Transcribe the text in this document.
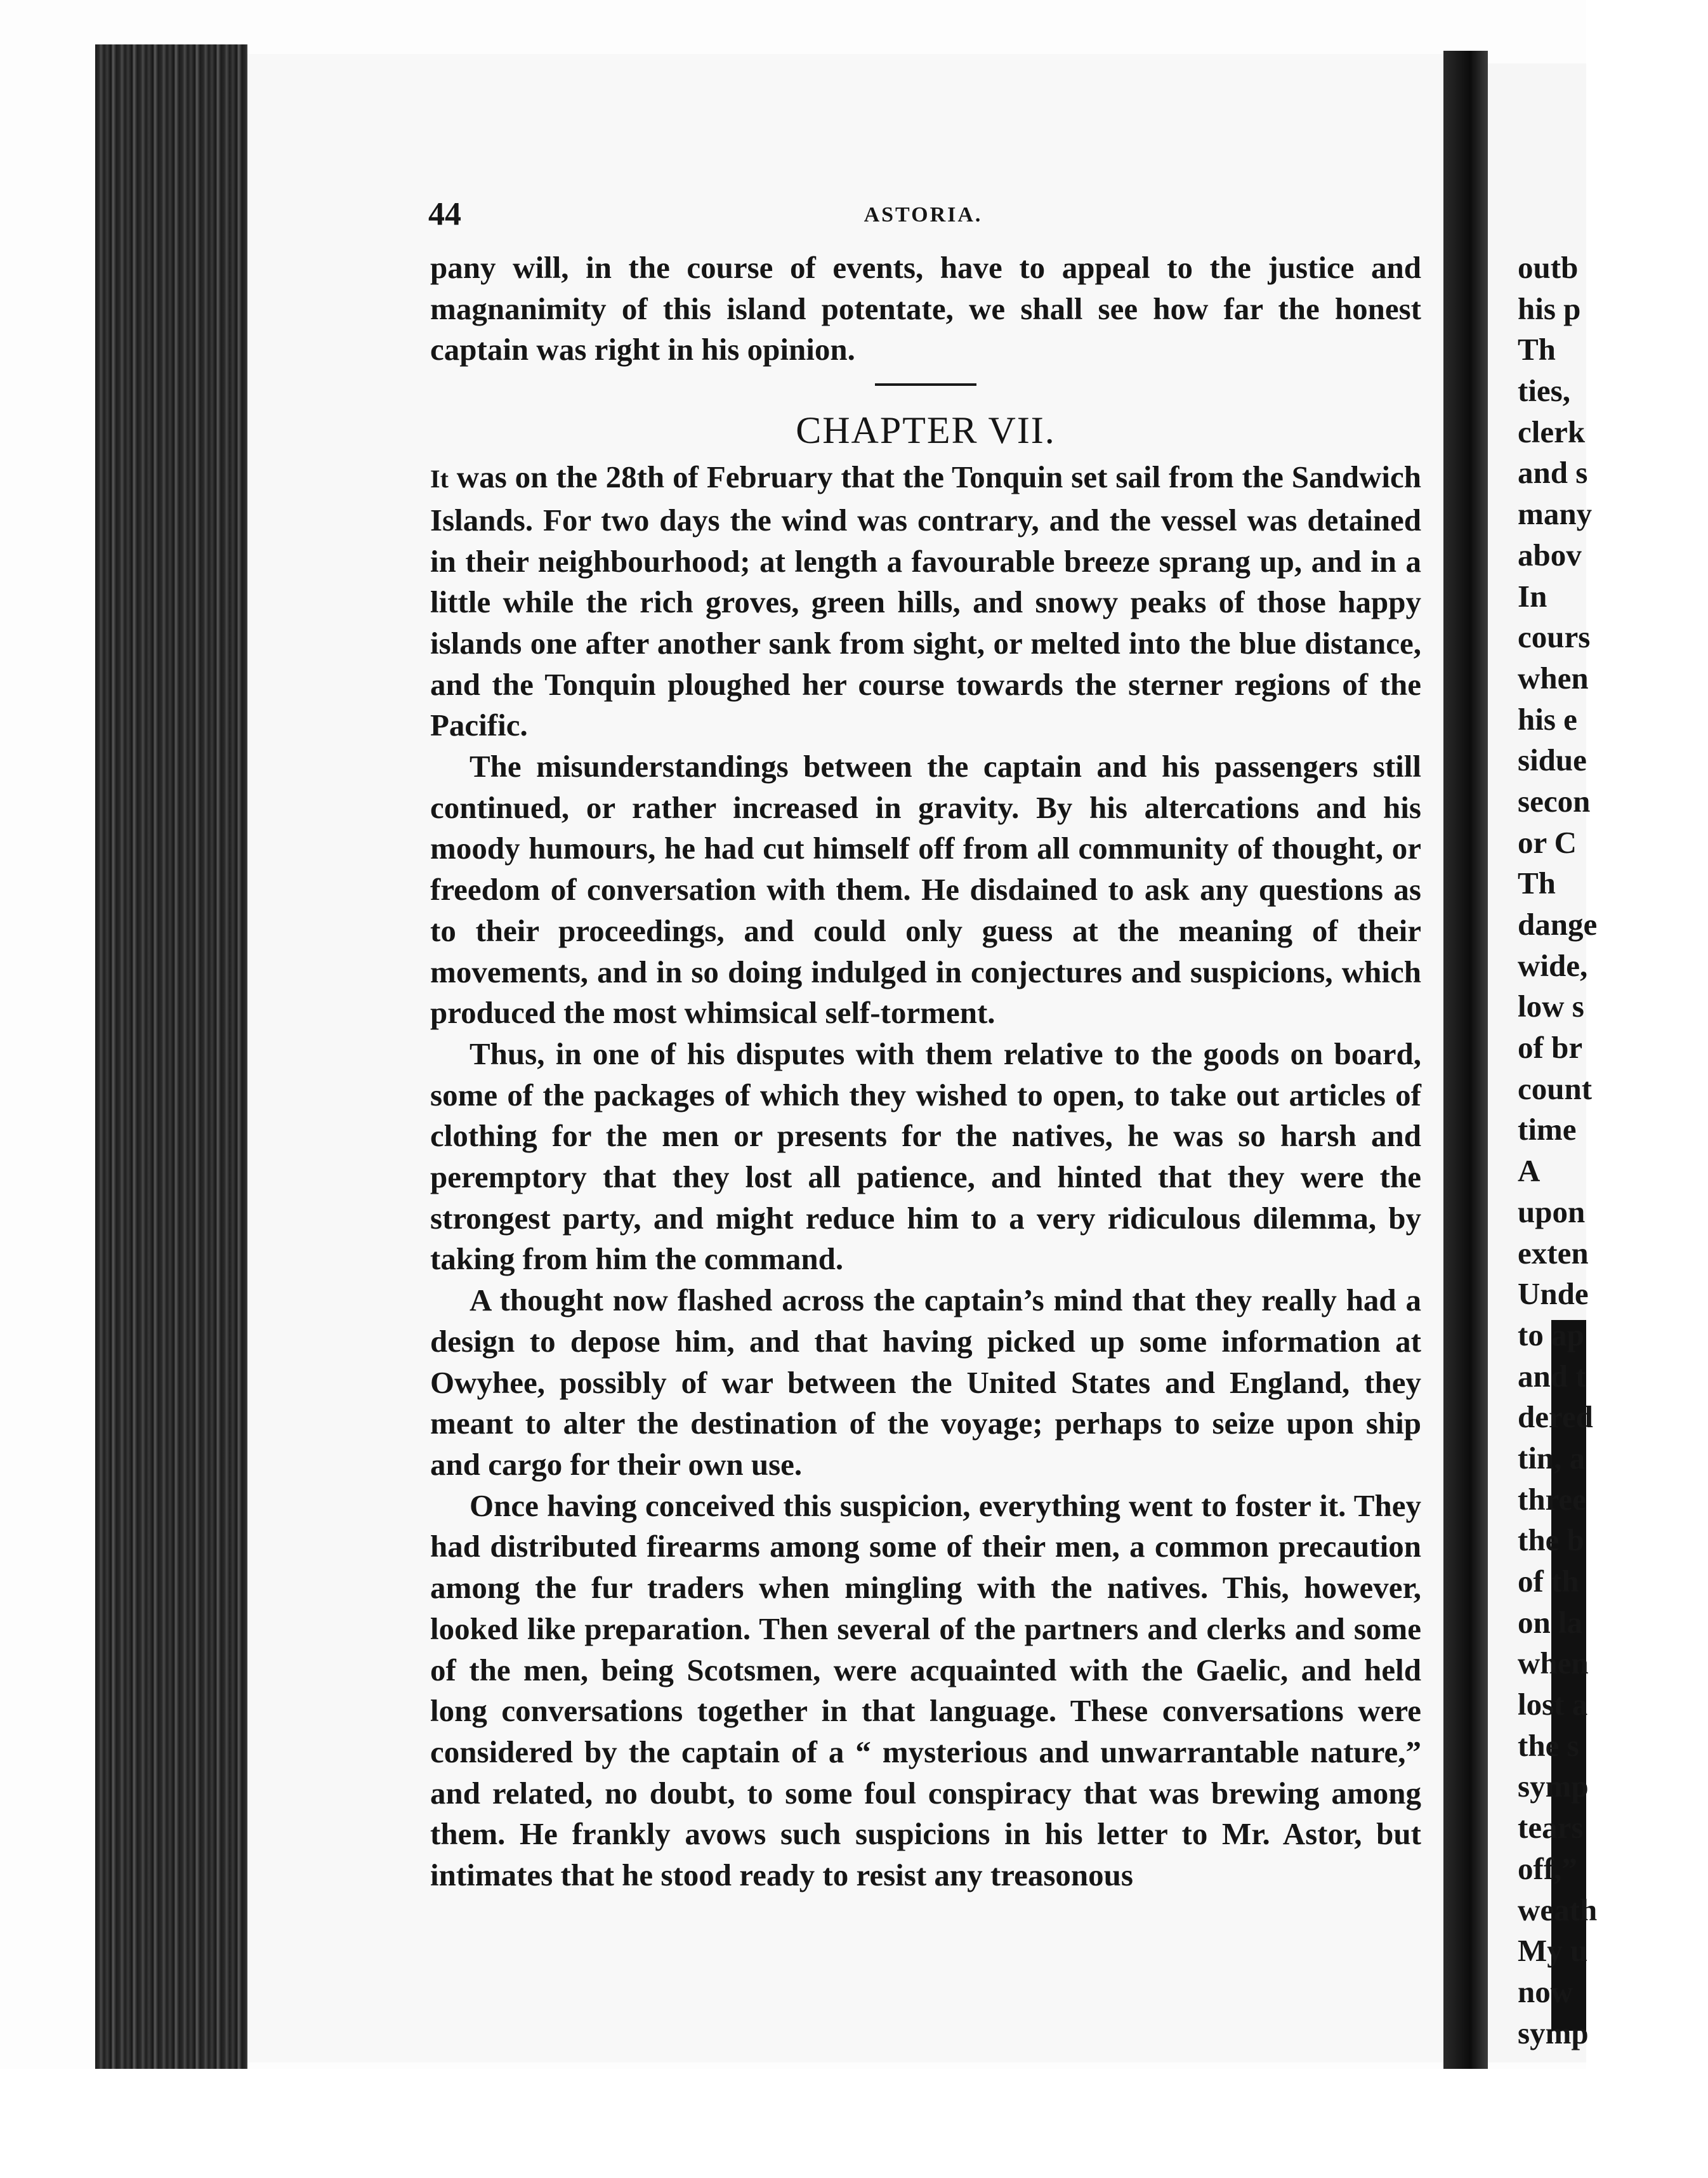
44	ASTORIA.

pany will, in the course of events, have to appeal to the justice and magnanimity of this island potentate, we shall see how far the honest captain was right in his opinion.

CHAPTER VII.

It was on the 28th of February that the Tonquin set sail from the Sandwich Islands. For two days the wind was contrary, and the vessel was detained in their neighbourhood; at length a favourable breeze sprang up, and in a little while the rich groves, green hills, and snowy peaks of those happy islands one after another sank from sight, or melted into the blue distance, and the Tonquin ploughed her course towards the sterner regions of the Pacific.

The misunderstandings between the captain and his passengers still continued, or rather increased in gravity. By his altercations and his moody humours, he had cut himself off from all community of thought, or freedom of conversation with them. He disdained to ask any questions as to their proceedings, and could only guess at the meaning of their movements, and in so doing indulged in conjectures and suspicions, which produced the most whimsical self-torment.

Thus, in one of his disputes with them relative to the goods on board, some of the packages of which they wished to open, to take out articles of clothing for the men or presents for the natives, he was so harsh and peremptory that they lost all patience, and hinted that they were the strongest party, and might reduce him to a very ridiculous dilemma, by taking from him the command.

A thought now flashed across the captain’s mind that they really had a design to depose him, and that having picked up some information at Owyhee, possibly of war between the United States and England, they meant to alter the destination of the voyage; perhaps to seize upon ship and cargo for their own use.

Once having conceived this suspicion, everything went to foster it. They had distributed firearms among some of their men, a common precaution among the fur traders when mingling with the natives. This, however, looked like preparation. Then several of the partners and clerks and some of the men, being Scotsmen, were acquainted with the Gaelic, and held long conversations together in that language. These conversations were considered by the captain of a “ mysterious and unwarrantable nature,” and related, no doubt, to some foul conspiracy that was brewing among them. He frankly avows such suspicions in his letter to Mr. Astor, but intimates that he stood ready to resist any treasonous

outb
his p
Th
ties,
clerk
and s
many
abov
In
cours
when
his e
sidue
secon
or C
Th
dange
wide,
low s
of br
count
time
A
upon
exten
Unde
to ap
and t
dered
tin, a
three
the b
of th
on la
when
lost a
the s
symp
tears
off,”
weath
My u
now
symp
